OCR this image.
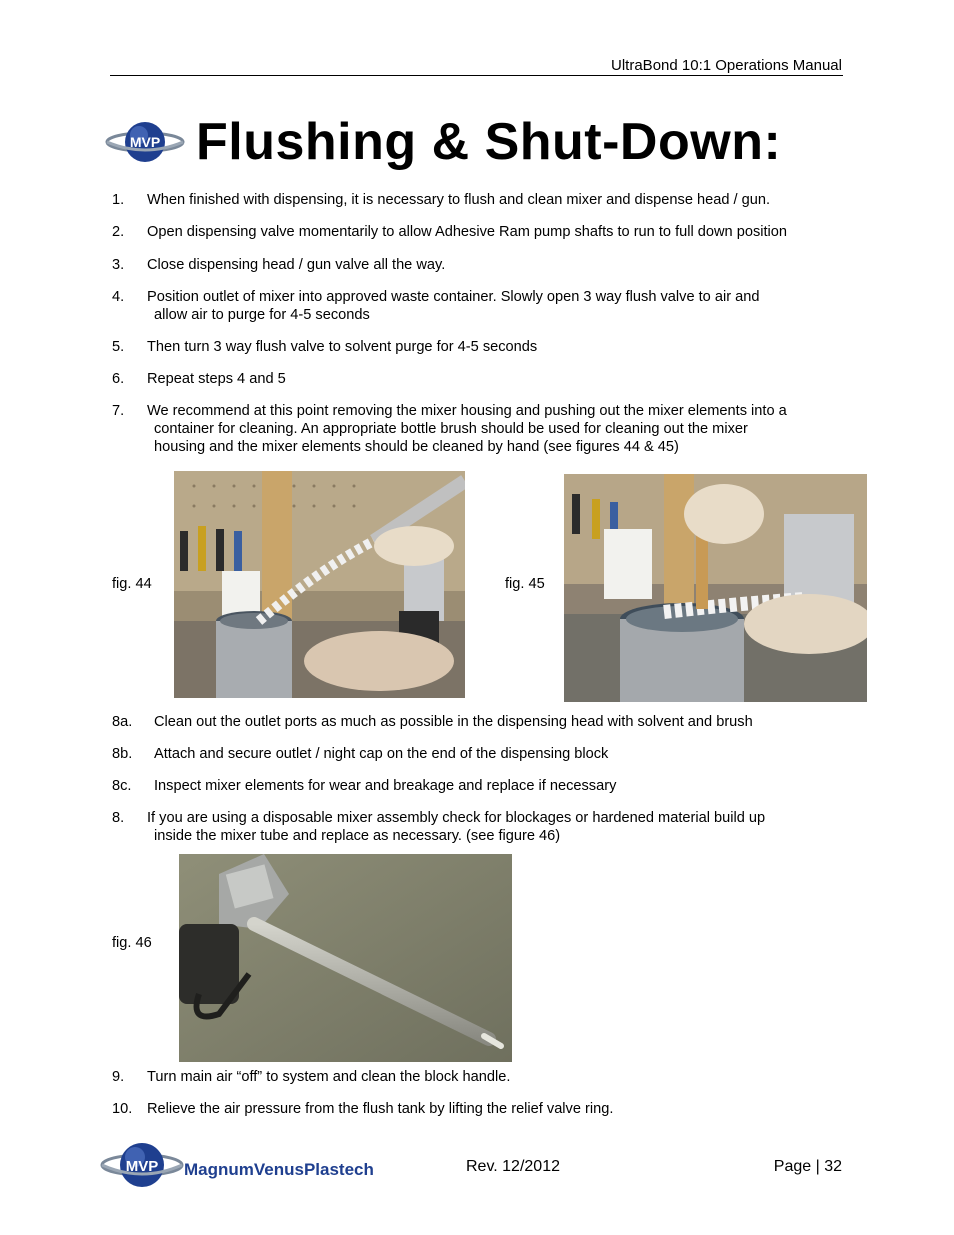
UltraBond 10:1 Operations Manual
MVP Flushing & Shut-Down:
1. When finished with dispensing, it is necessary to flush and clean mixer and dispense head / gun.
2. Open dispensing valve momentarily to allow Adhesive Ram pump shafts to run to full down position
3. Close dispensing head / gun valve all the way.
4. Position outlet of mixer into approved waste container. Slowly open 3 way flush valve to air and
allow air to purge for 4-5 seconds
5. Then turn 3 way flush valve to solvent purge for 4-5 seconds
6. Repeat steps 4 and 5
7. We recommend at this point removing the mixer housing and pushing out the mixer elements into a
container for cleaning. An appropriate bottle brush should be used for cleaning out the mixer
housing and the mixer elements should be cleaned by hand (see figures 44 & 45)
fig. 44	fig. 45
8a. Clean out the outlet ports as much as possible in the dispensing head with solvent and brush
8b. Attach and secure outlet / night cap on the end of the dispensing block
8c. Inspect mixer elements for wear and breakage and replace if necessary
8. If you are using a disposable mixer assembly check for blockages or hardened material build up
inside the mixer tube and replace as necessary. (see figure 46)
fig. 46
9. Turn main air “off” to system and clean the block handle.
10. Relieve the air pressure from the flush tank by lifting the relief valve ring.
MVP MagnumVenusPlastech	Rev. 12/2012	Page | 32
